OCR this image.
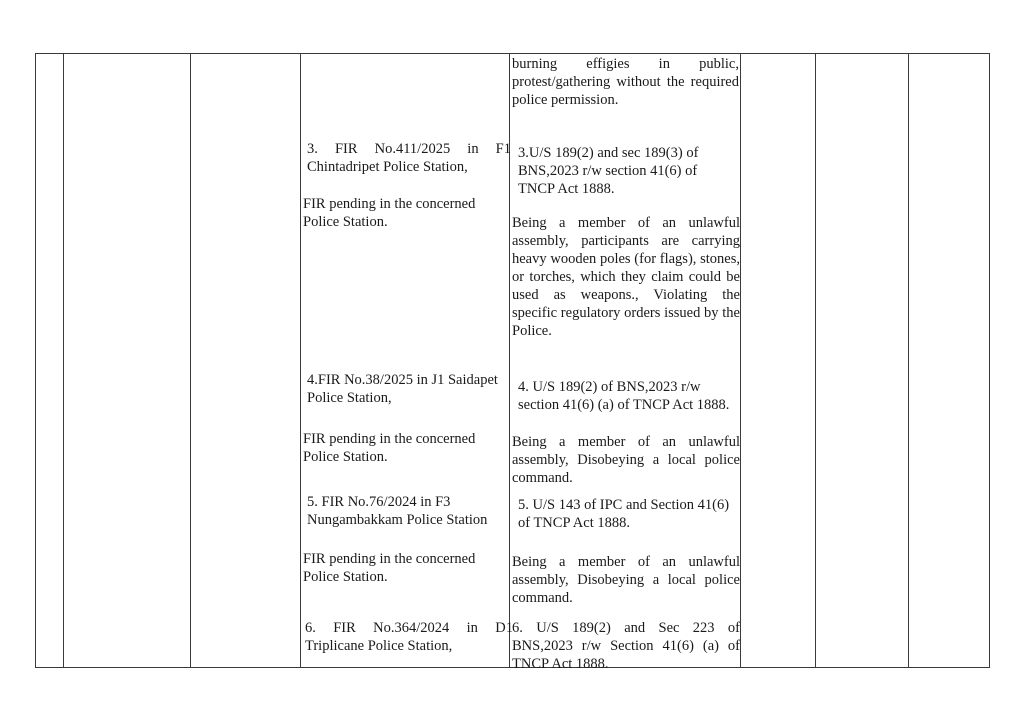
3. FIR No.411/2025 in F1 Chintadripet Police Station,

FIR pending in the concerned Police Station.

4.FIR No.38/2025 in J1 Saidapet Police Station,

FIR pending in the concerned Police Station.

5. FIR No.76/2024 in F3 Nungambakkam Police Station

FIR pending in the concerned Police Station.

6. FIR No.364/2024 in D1 Triplicane Police Station,

burning effigies in public, protest/gathering without the required police permission.

3.U/S 189(2) and sec 189(3) of BNS,2023 r/w section 41(6) of TNCP Act 1888.

Being a member of an unlawful assembly, participants are carrying heavy wooden poles (for flags), stones, or torches, which they claim could be used as weapons., Violating the specific regulatory orders issued by the Police.

4. U/S 189(2) of BNS,2023 r/w section 41(6) (a) of TNCP Act 1888.

Being a member of an unlawful assembly, Disobeying a local police command.

5. U/S 143 of IPC and Section 41(6) of TNCP Act 1888.

Being a member of an unlawful assembly, Disobeying a local police command.

6. U/S 189(2) and Sec 223 of BNS,2023 r/w Section 41(6) (a) of TNCP Act 1888.
